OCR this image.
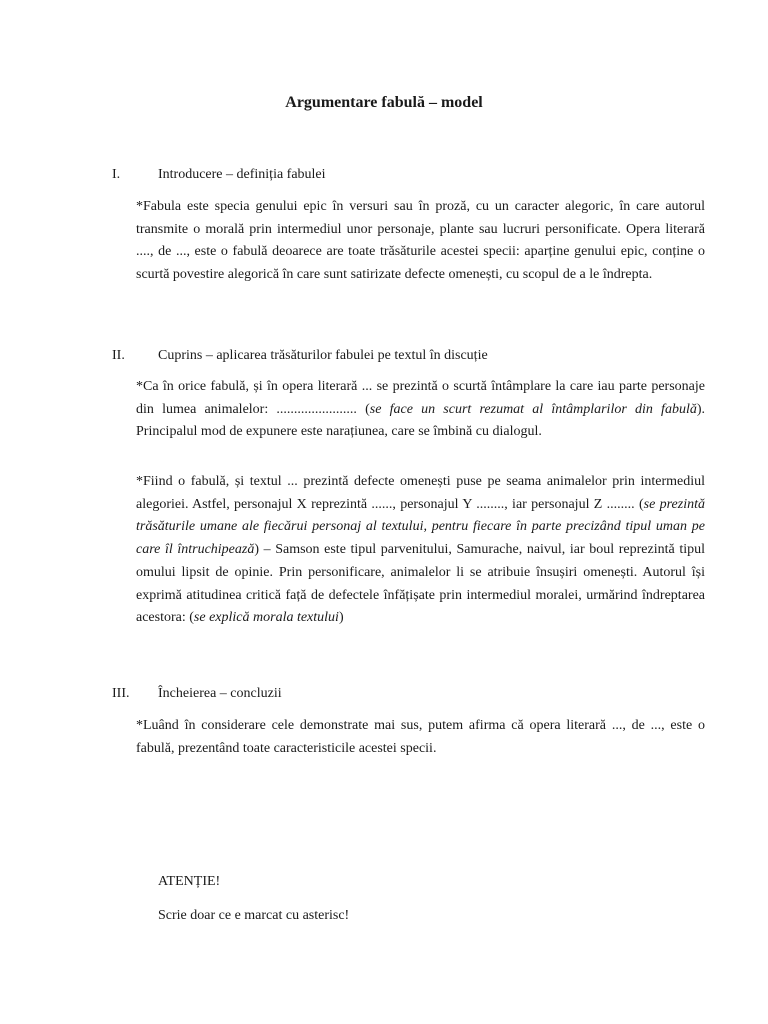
Argumentare fabulă – model
I.	Introducere – definiția fabulei

*Fabula este specia genului epic în versuri sau în proză, cu un caracter alegoric, în care autorul transmite o morală prin intermediul unor personaje, plante sau lucruri personificate. Opera literară ...., de ..., este o fabulă deoarece are toate trăsăturile acestei specii: aparține genului epic, conține o scurtă povestire alegorică în care sunt satirizate defecte omenești, cu scopul de a le îndrepta.

II. Cuprins – aplicarea trăsăturilor fabulei pe textul în discuție

*Ca în orice fabulă, și în opera literară ... se prezintă o scurtă întâmplare la care iau parte personaje din lumea animalelor: ....................... (se face un scurt rezumat al întâmplarilor din fabulă). Principalul mod de expunere este narațiunea, care se îmbină cu dialogul.

*Fiind o fabulă, și textul ... prezintă defecte omenești puse pe seama animalelor prin intermediul alegoriei. Astfel, personajul X reprezintă ......, personajul Y ........, iar personajul Z ........ (se prezintă trăsăturile umane ale fiecărui personaj al textului, pentru fiecare în parte precizând tipul uman pe care îl întruchipează) – Samson este tipul parvenitului, Samurache, naivul, iar boul reprezintă tipul omului lipsit de opinie. Prin personificare, animalelor li se atribuie însușiri omenești. Autorul își exprimă atitudinea critică față de defectele înfățișate prin intermediul moralei, urmărind îndreptarea acestora: (se explică morala textului)

III. Încheierea – concluzii

*Luând în considerare cele demonstrate mai sus, putem afirma că opera literară ..., de ..., este o fabulă, prezentând toate caracteristicile acestei specii.

ATENȚIE!
Scrie doar ce e marcat cu asterisc!
